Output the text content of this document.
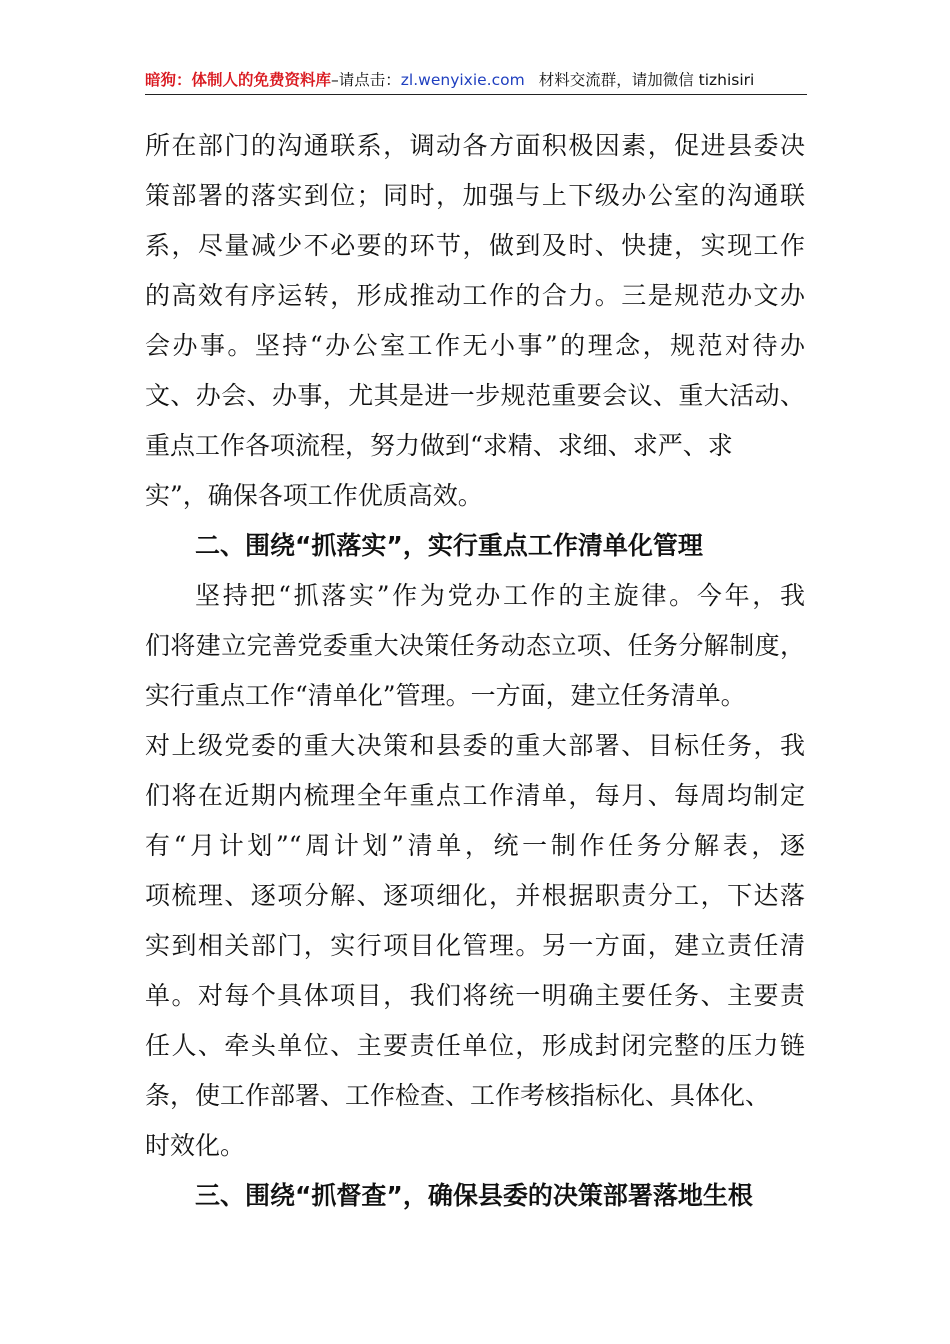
暗狗：体制人的免费资料库–请点击：zl.wenyixie.com 材料交流群，请加微信 tizhisiri
所在部门的沟通联系，调动各方面积极因素，促进县委决
策部署的落实到位；同时，加强与上下级办公室的沟通联
系，尽量减少不必要的环节，做到及时、快捷，实现工作
的高效有序运转，形成推动工作的合力。三是规范办文办
会办事。坚持“办公室工作无小事”的理念，规范对待办
文、办会、办事，尤其是进一步规范重要会议、重大活动、
重点工作各项流程，努力做到“求精、求细、求严、求
实”，确保各项工作优质高效。
二、围绕“抓落实”，实行重点工作清单化管理
坚持把“抓落实”作为党办工作的主旋律。今年，我
们将建立完善党委重大决策任务动态立项、任务分解制度，
实行重点工作“清单化”管理。一方面，建立任务清单。
对上级党委的重大决策和县委的重大部署、目标任务，我
们将在近期内梳理全年重点工作清单，每月、每周均制定
有“月计划”“周计划”清单，统一制作任务分解表，逐
项梳理、逐项分解、逐项细化，并根据职责分工，下达落
实到相关部门，实行项目化管理。另一方面，建立责任清
单。对每个具体项目，我们将统一明确主要任务、主要责
任人、牵头单位、主要责任单位，形成封闭完整的压力链
条，使工作部署、工作检查、工作考核指标化、具体化、
时效化。
三、围绕“抓督查”，确保县委的决策部署落地生根
